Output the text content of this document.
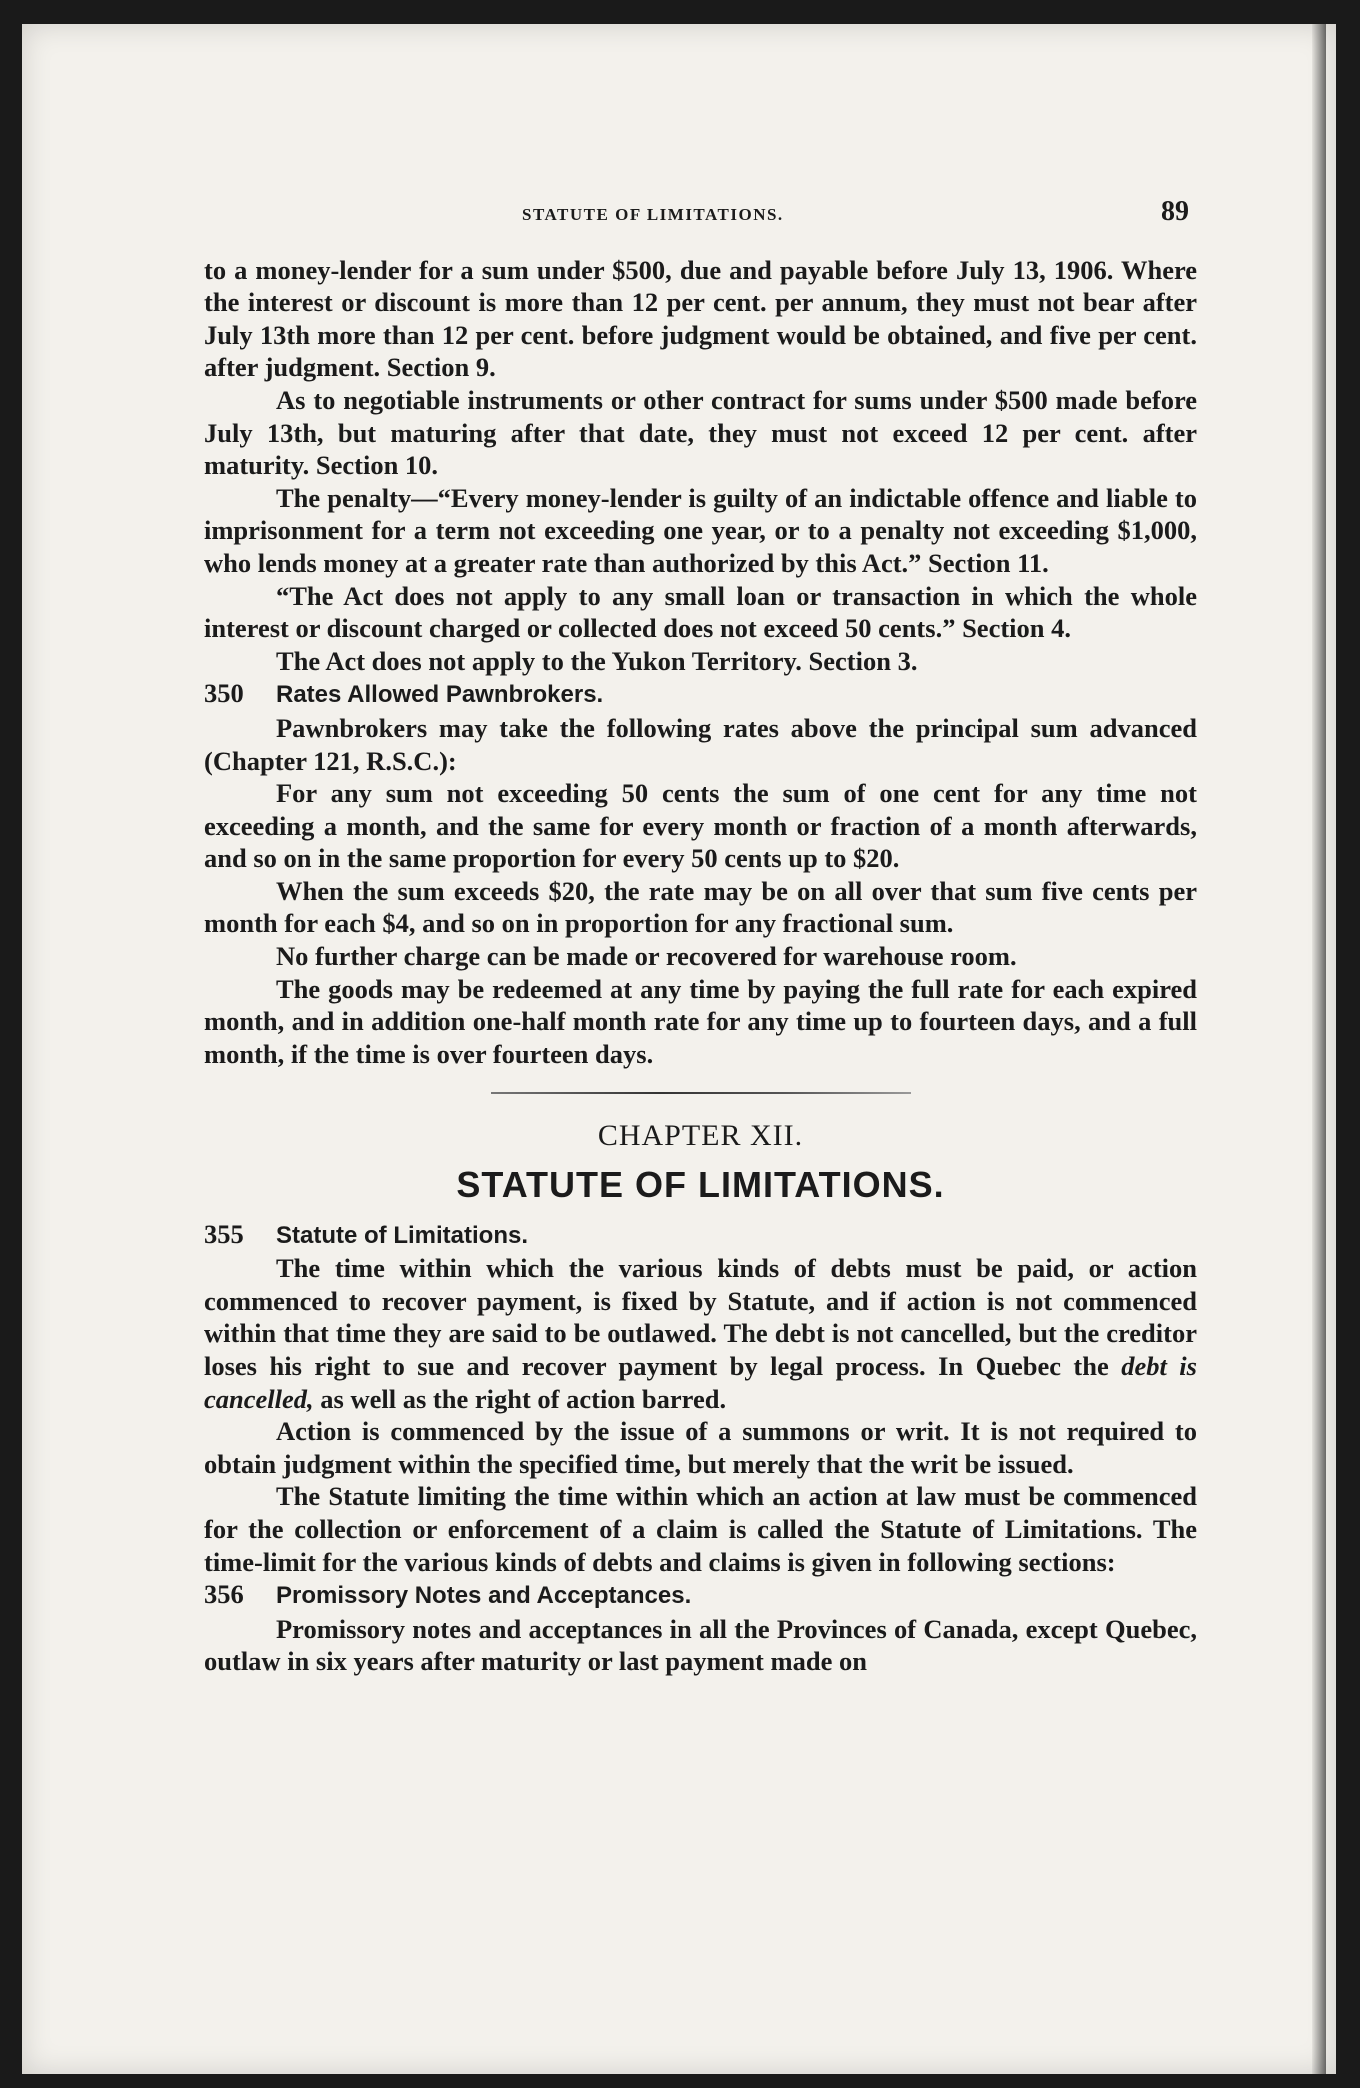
STATUTE OF LIMITATIONS.	89

to a money-lender for a sum under $500, due and payable before July 13, 1906. Where the interest or discount is more than 12 per cent. per annum, they must not bear after July 13th more than 12 per cent. before judgment would be obtained, and five per cent. after judgment. Section 9.

As to negotiable instruments or other contract for sums under $500 made before July 13th, but maturing after that date, they must not exceed 12 per cent. after maturity. Section 10.

The penalty—“Every money-lender is guilty of an indictable offence and liable to imprisonment for a term not exceeding one year, or to a penalty not exceeding $1,000, who lends money at a greater rate than authorized by this Act.” Section 11.

“The Act does not apply to any small loan or transaction in which the whole interest or discount charged or collected does not exceed 50 cents.” Section 4.

The Act does not apply to the Yukon Territory. Section 3.

350 Rates Allowed Pawnbrokers.

Pawnbrokers may take the following rates above the principal sum advanced (Chapter 121, R.S.C.):

For any sum not exceeding 50 cents the sum of one cent for any time not exceeding a month, and the same for every month or fraction of a month afterwards, and so on in the same proportion for every 50 cents up to $20.

When the sum exceeds $20, the rate may be on all over that sum five cents per month for each $4, and so on in proportion for any fractional sum.

No further charge can be made or recovered for warehouse room.

The goods may be redeemed at any time by paying the full rate for each expired month, and in addition one-half month rate for any time up to fourteen days, and a full month, if the time is over fourteen days.

CHAPTER XII.
STATUTE OF LIMITATIONS.

355 Statute of Limitations.

The time within which the various kinds of debts must be paid, or action commenced to recover payment, is fixed by Statute, and if action is not commenced within that time they are said to be outlawed. The debt is not cancelled, but the creditor loses his right to sue and recover payment by legal process. In Quebec the debt is cancelled, as well as the right of action barred.

Action is commenced by the issue of a summons or writ. It is not required to obtain judgment within the specified time, but merely that the writ be issued.

The Statute limiting the time within which an action at law must be commenced for the collection or enforcement of a claim is called the Statute of Limitations. The time-limit for the various kinds of debts and claims is given in following sections:

356 Promissory Notes and Acceptances.

Promissory notes and acceptances in all the Provinces of Canada, except Quebec, outlaw in six years after maturity or last payment made on
